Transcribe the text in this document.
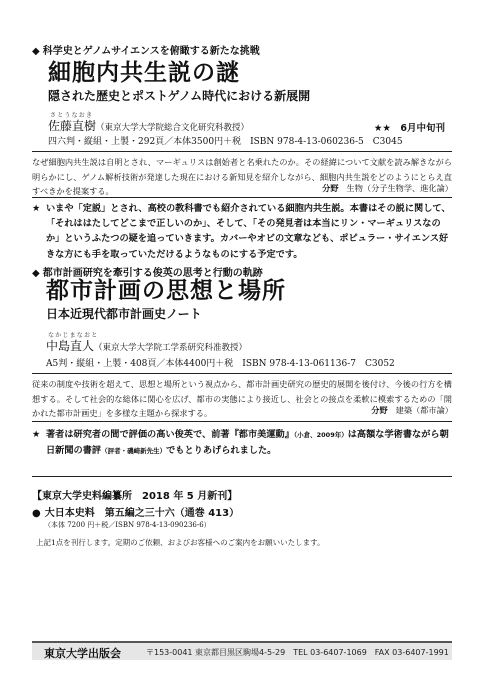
◆ 科学史とゲノムサイエンスを俯瞰する新たな挑戦
細胞内共生説の謎
隠された歴史とポストゲノム時代における新展開
さとうなおき
佐藤直樹（東京大学大学院総合文化研究科教授）	★★　6月中旬刊
四六判・縦組・上製・292頁／本体3500円＋税　ISBN 978-4-13-060236-5　C3045
なぜ細胞内共生説は自明とされ、マーギュリスは創始者と名乗れたのか。その経緯について文献を読み解きながら明らかにし、ゲノム解析技術が発達した現在における新知見を紹介しながら、細胞内共生説をどのようにとらえ直すべきかを提案する。	分野 生物（分子生物学、進化論）
★ いまや「定説」とされ、高校の教科書でも紹介されている細胞内共生説。本書はその説に関して、「それははたしてどこまで正しいのか」、そして、「その発見者は本当にリン・マーギュリスなのか」というふたつの疑を追っていきます。カバーやオビの文章なども、ポピュラー・サイエンス好きな方にも手を取っていただけるようなものにする予定です。
◆ 都市計画研究を牽引する俊英の思考と行動の軌跡
都市計画の思想と場所
日本近現代都市計画史ノート
なかじまなおと
中島直人（東京大学大学院工学系研究科准教授）
A5判・縦組・上製・408頁／本体4400円＋税　ISBN 978-4-13-061136-7　C3052
従来の制度や技術を超えて、思想と場所という視点から、都市計画史研究の歴史的展開を後付け、今後の行方を構想する。そして社会的な総体に関心を広げ、都市の実態により接近し、社会との接点を柔軟に模索するための「開かれた都市計画史」を多様な主題から探求する。	分野 建築（都市論）
★ 著者は研究者の間で評価の高い俊英で、前著『都市美運動』（小倉、2009年）は高額な学術書ながら朝日新聞の書評（評者・磯崎新先生）でもとりあげられました。
【東京大学史料編纂所　2018 年 5 月新刊】
● 大日本史料　第五編之三十六（通巻 413）
（本体 7200 円＋税／ISBN 978-4-13-090236-6）
上記1点を刊行します。定期のご依頼、およびお客様へのご案内をお願いいたします。
東京大学出版会	〒153-0041 東京都目黒区駒場4-5-29　TEL 03-6407-1069　FAX 03-6407-1991
